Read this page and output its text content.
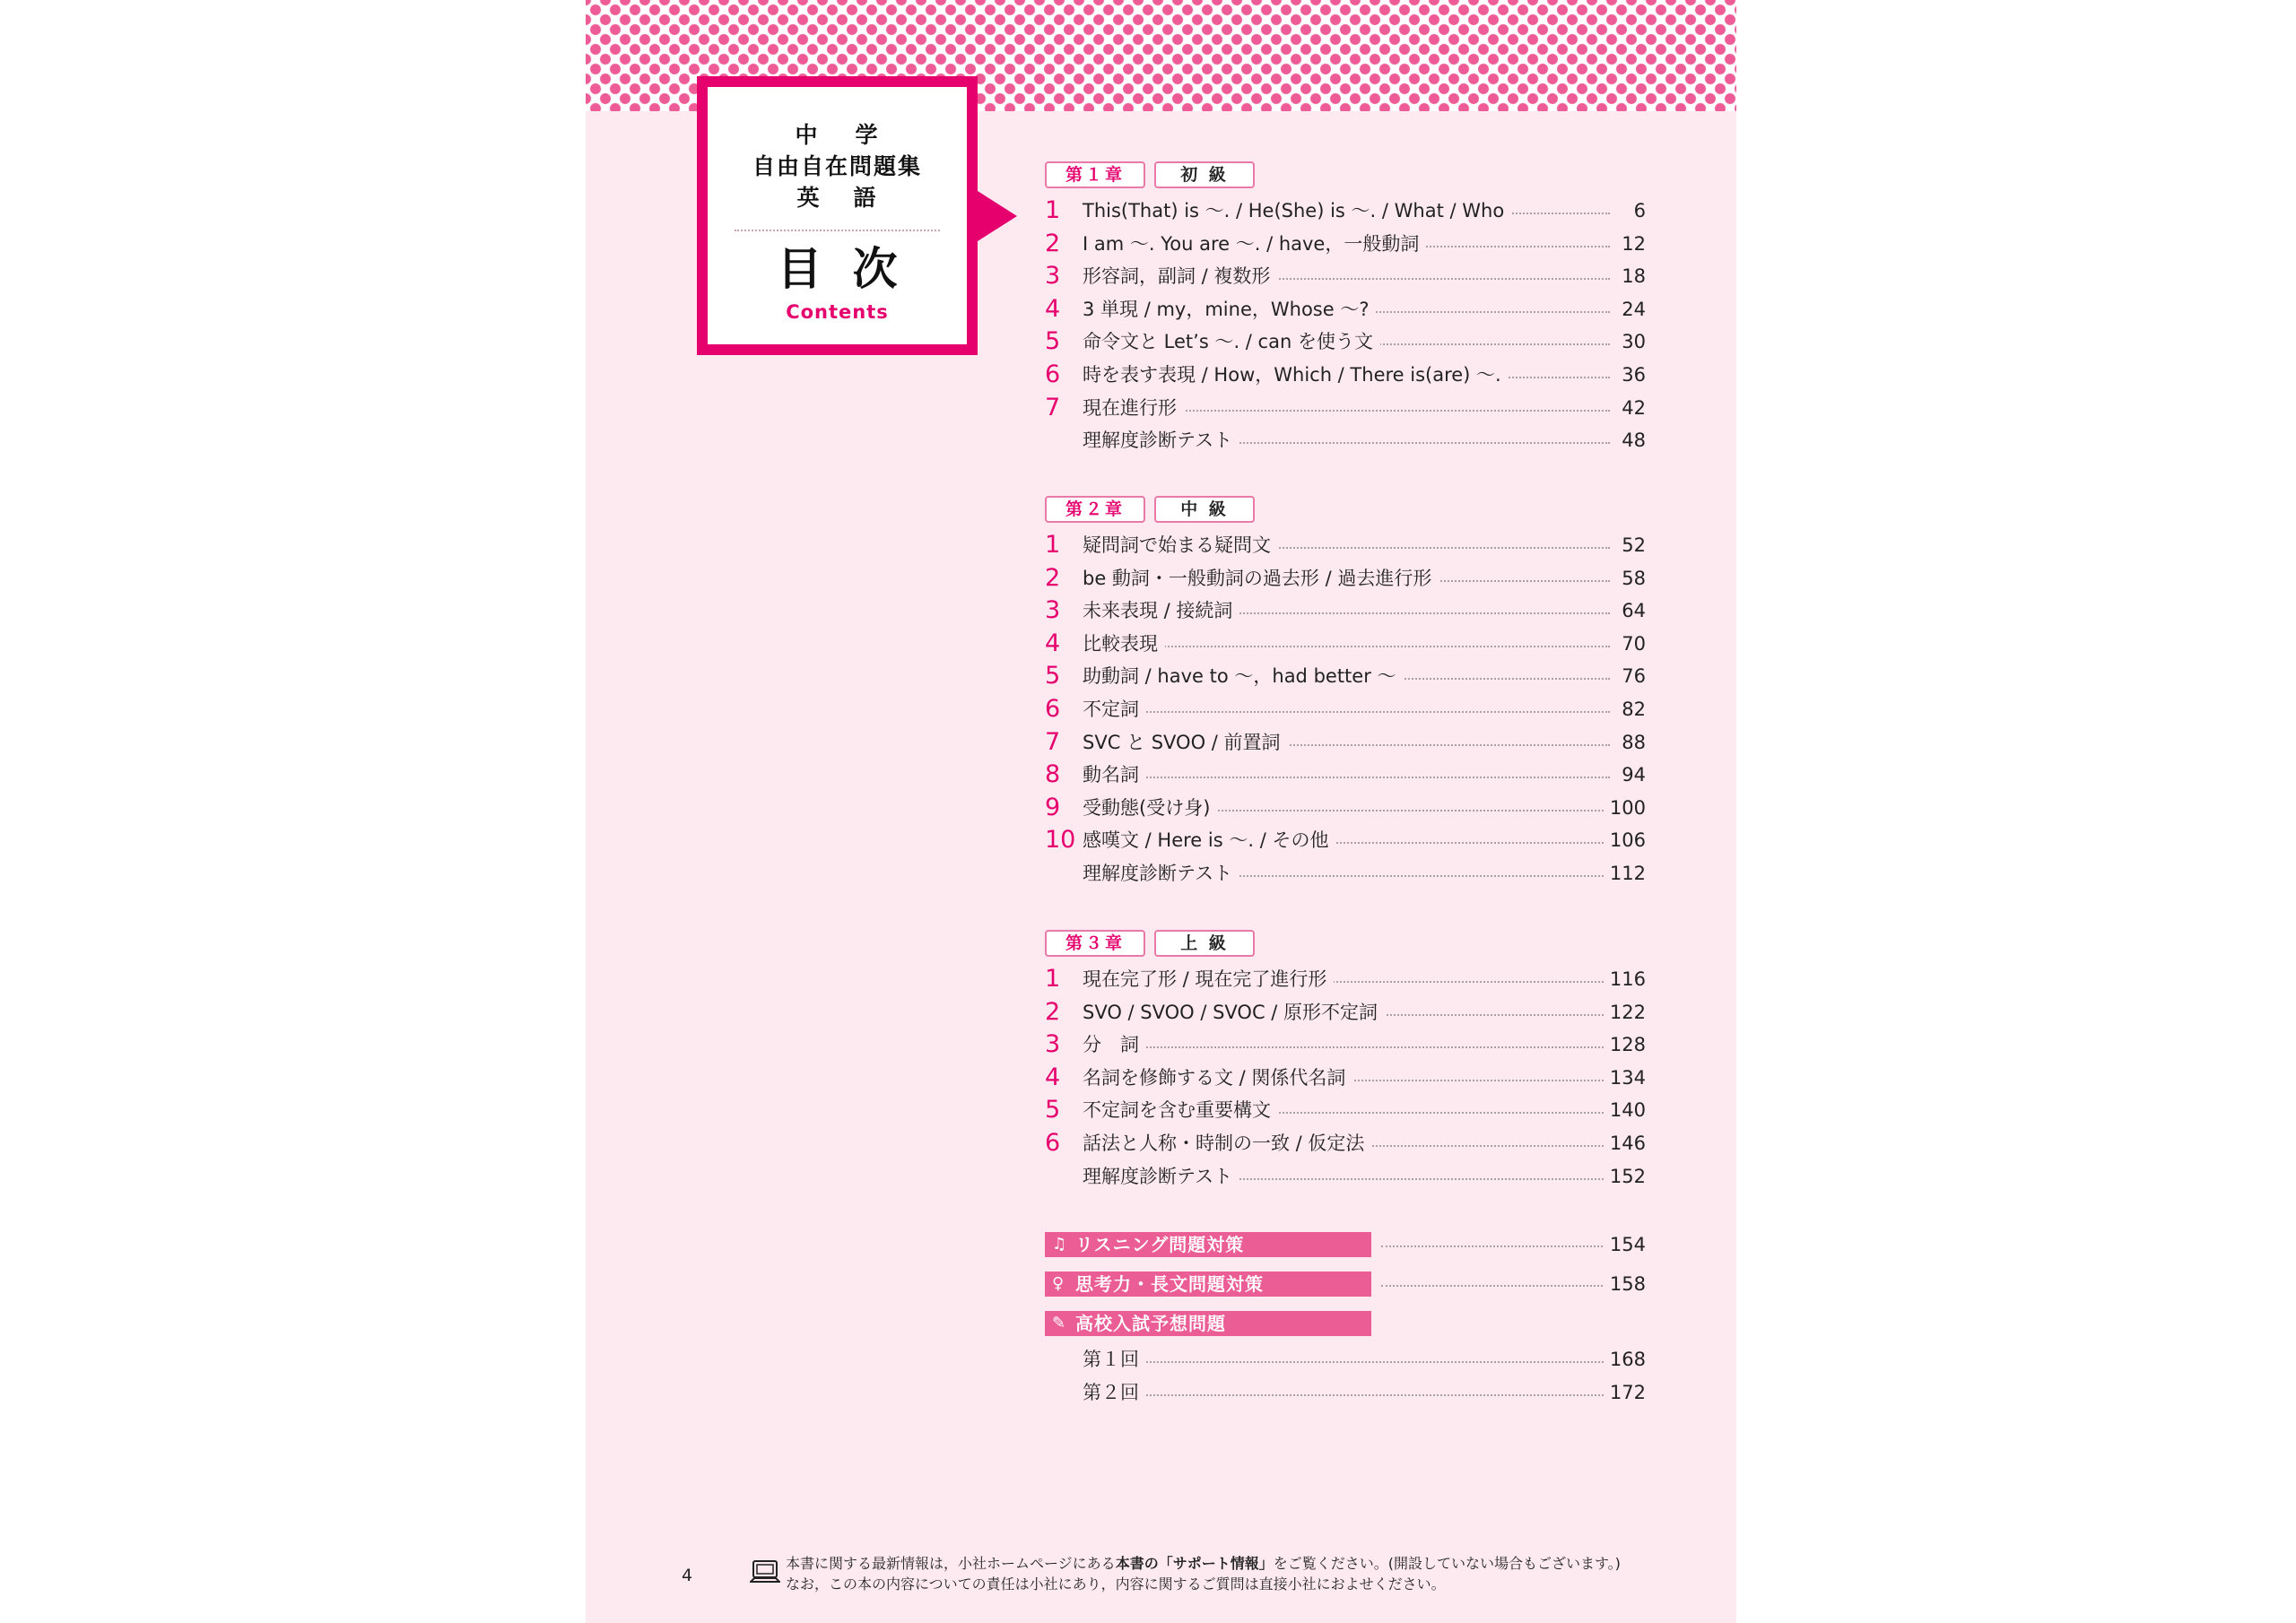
中 学
自由自在問題集
英 語
目次
Contents
第１章	初 級
1	This(That) is 〜. / He(She) is 〜. / What / Who	6
2	I am 〜. You are 〜. / have，一般動詞	12
3	形容詞，副詞 / 複数形	18
4	3 単現 / my，mine，Whose 〜?	24
5	命令文と Let’s 〜. / can を使う文	30
6	時を表す表現 / How，Which / There is(are) 〜.	36
7	現在進行形	42
理解度診断テスト	48
第２章	中 級
1	疑問詞で始まる疑問文	52
2	be 動詞・一般動詞の過去形 / 過去進行形	58
3	未来表現 / 接続詞	64
4	比較表現	70
5	助動詞 / have to 〜，had better 〜	76
6	不定詞	82
7	SVC と SVOO / 前置詞	88
8	動名詞	94
9	受動態(受け身)	100
10 感嘆文 / Here is 〜. / その他	106
理解度診断テスト	112
第３章	上 級
1	現在完了形 / 現在完了進行形	116
2	SVO / SVOO / SVOC / 原形不定詞	122
3	分　詞	128
4	名詞を修飾する文 / 関係代名詞	134
5	不定詞を含む重要構文	140
6	話法と人称・時制の一致 / 仮定法	146
理解度診断テスト	152
♫ リスニング問題対策	154
♀ 思考力・長文問題対策	158
✎ 高校入試予想問題
第１回	168
第２回	172
4
本書に関する最新情報は，小社ホームページにある本書の「サポート情報」をご覧ください。(開設していない場合もございます。)
なお，この本の内容についての責任は小社にあり，内容に関するご質問は直接小社におよせください。
